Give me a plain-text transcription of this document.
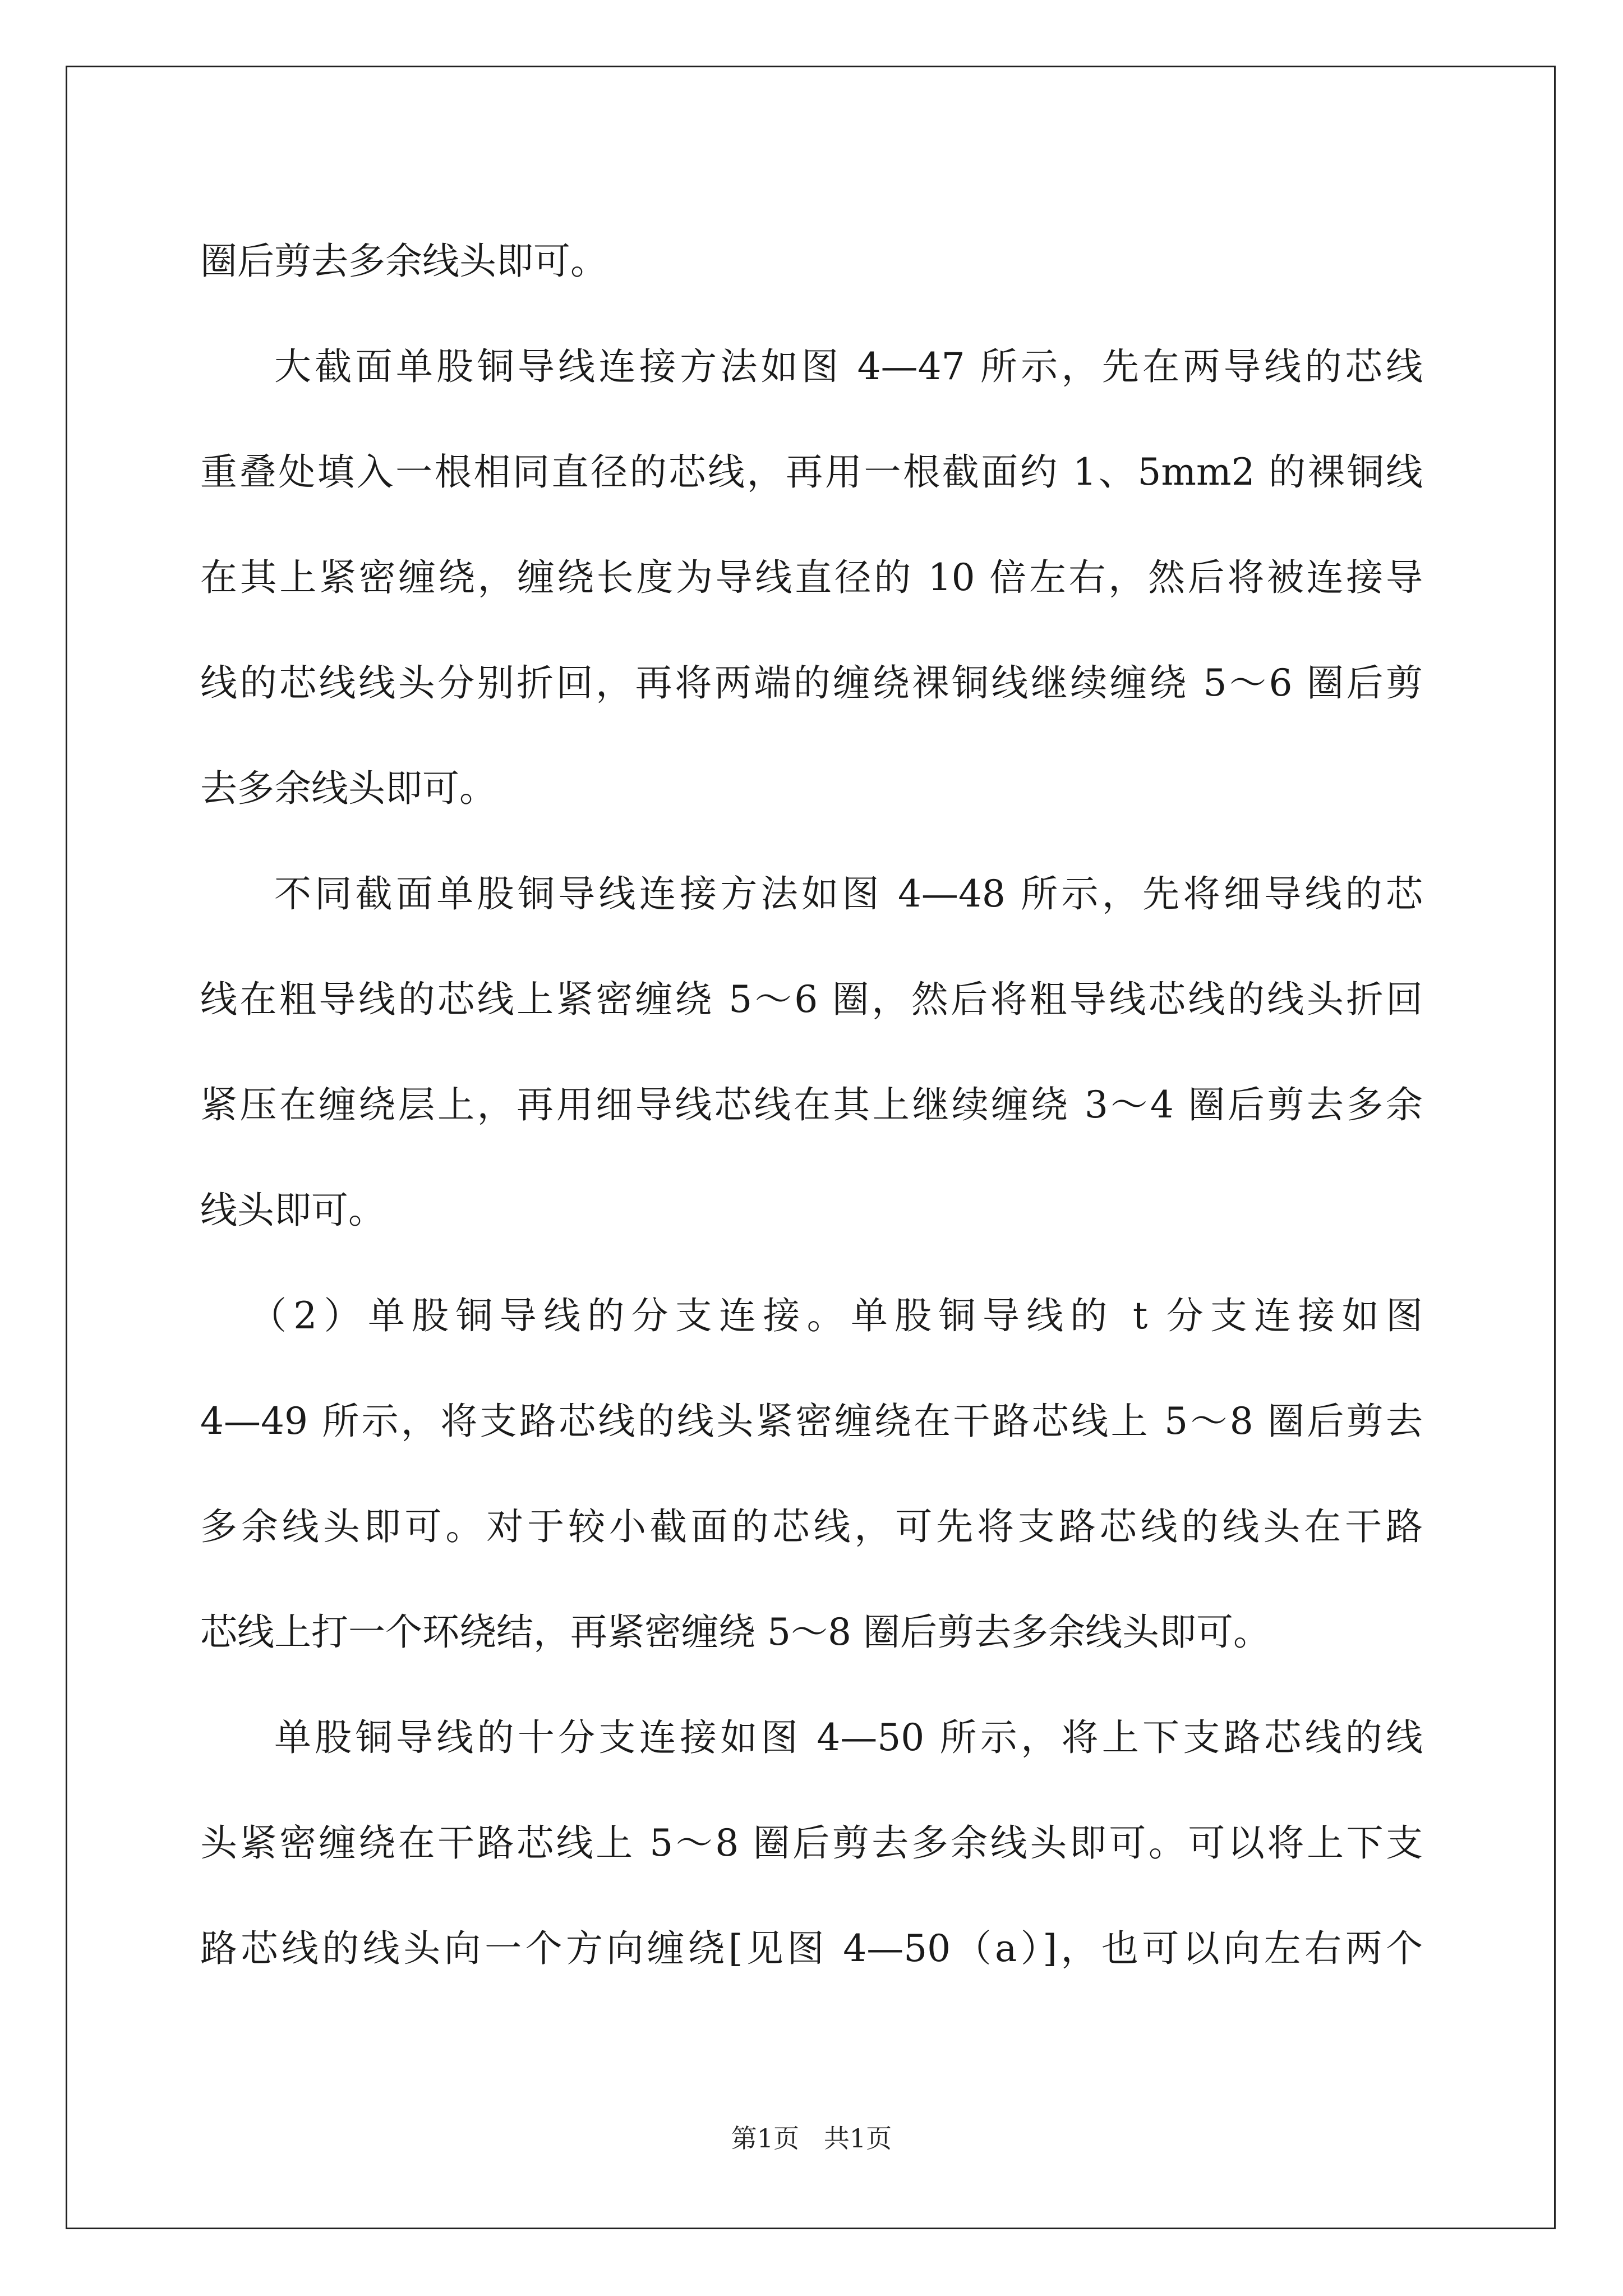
圈后剪去多余线头即可。
大截面单股铜导线连接方法如图 4—47 所示，先在两导线的芯线
重叠处填入一根相同直径的芯线，再用一根截面约 1、5mm2 的裸铜线
在其上紧密缠绕，缠绕长度为导线直径的 10 倍左右，然后将被连接导
线的芯线线头分别折回，再将两端的缠绕裸铜线继续缠绕 5～6 圈后剪
去多余线头即可。
不同截面单股铜导线连接方法如图 4—48 所示，先将细导线的芯
线在粗导线的芯线上紧密缠绕 5～6 圈，然后将粗导线芯线的线头折回
紧压在缠绕层上，再用细导线芯线在其上继续缠绕 3～4 圈后剪去多余
线头即可。
（2）单股铜导线的分支连接。单股铜导线的 t 分支连接如图
4—49 所示，将支路芯线的线头紧密缠绕在干路芯线上 5～8 圈后剪去
多余线头即可。对于较小截面的芯线，可先将支路芯线的线头在干路
芯线上打一个环绕结，再紧密缠绕 5～8 圈后剪去多余线头即可。
单股铜导线的十分支连接如图 4—50 所示，将上下支路芯线的线
头紧密缠绕在干路芯线上 5～8 圈后剪去多余线头即可。可以将上下支
路芯线的线头向一个方向缠绕[见图 4—50（a）]，也可以向左右两个
第1页   共1页
